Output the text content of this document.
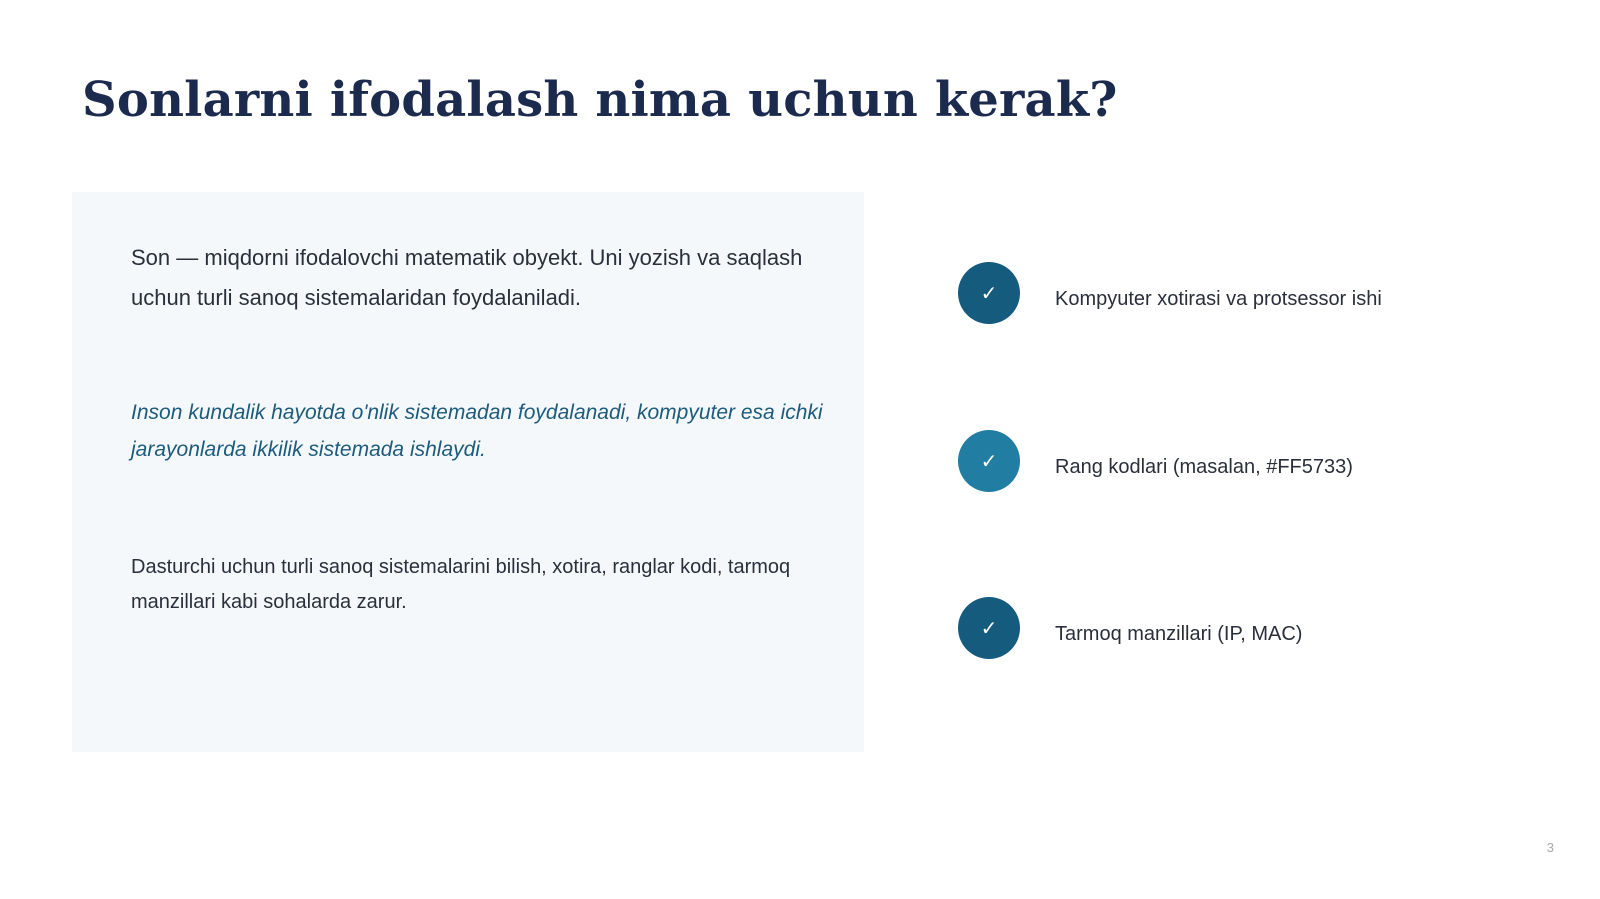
Sonlarni ifodalash nima uchun kerak?

Son — miqdorni ifodalovchi matematik obyekt. Uni yozish va saqlash uchun turli sanoq sistemalaridan foydalaniladi.

Inson kundalik hayotda o'nlik sistemadan foydalanadi, kompyuter esa ichki jarayonlarda ikkilik sistemada ishlaydi.

Dasturchi uchun turli sanoq sistemalarini bilish, xotira, ranglar kodi, tarmoq manzillari kabi sohalarda zarur.

✓	Kompyuter xotirasi va protsessor ishi
✓	Rang kodlari (masalan, #FF5733)
✓	Tarmoq manzillari (IP, MAC)
3
